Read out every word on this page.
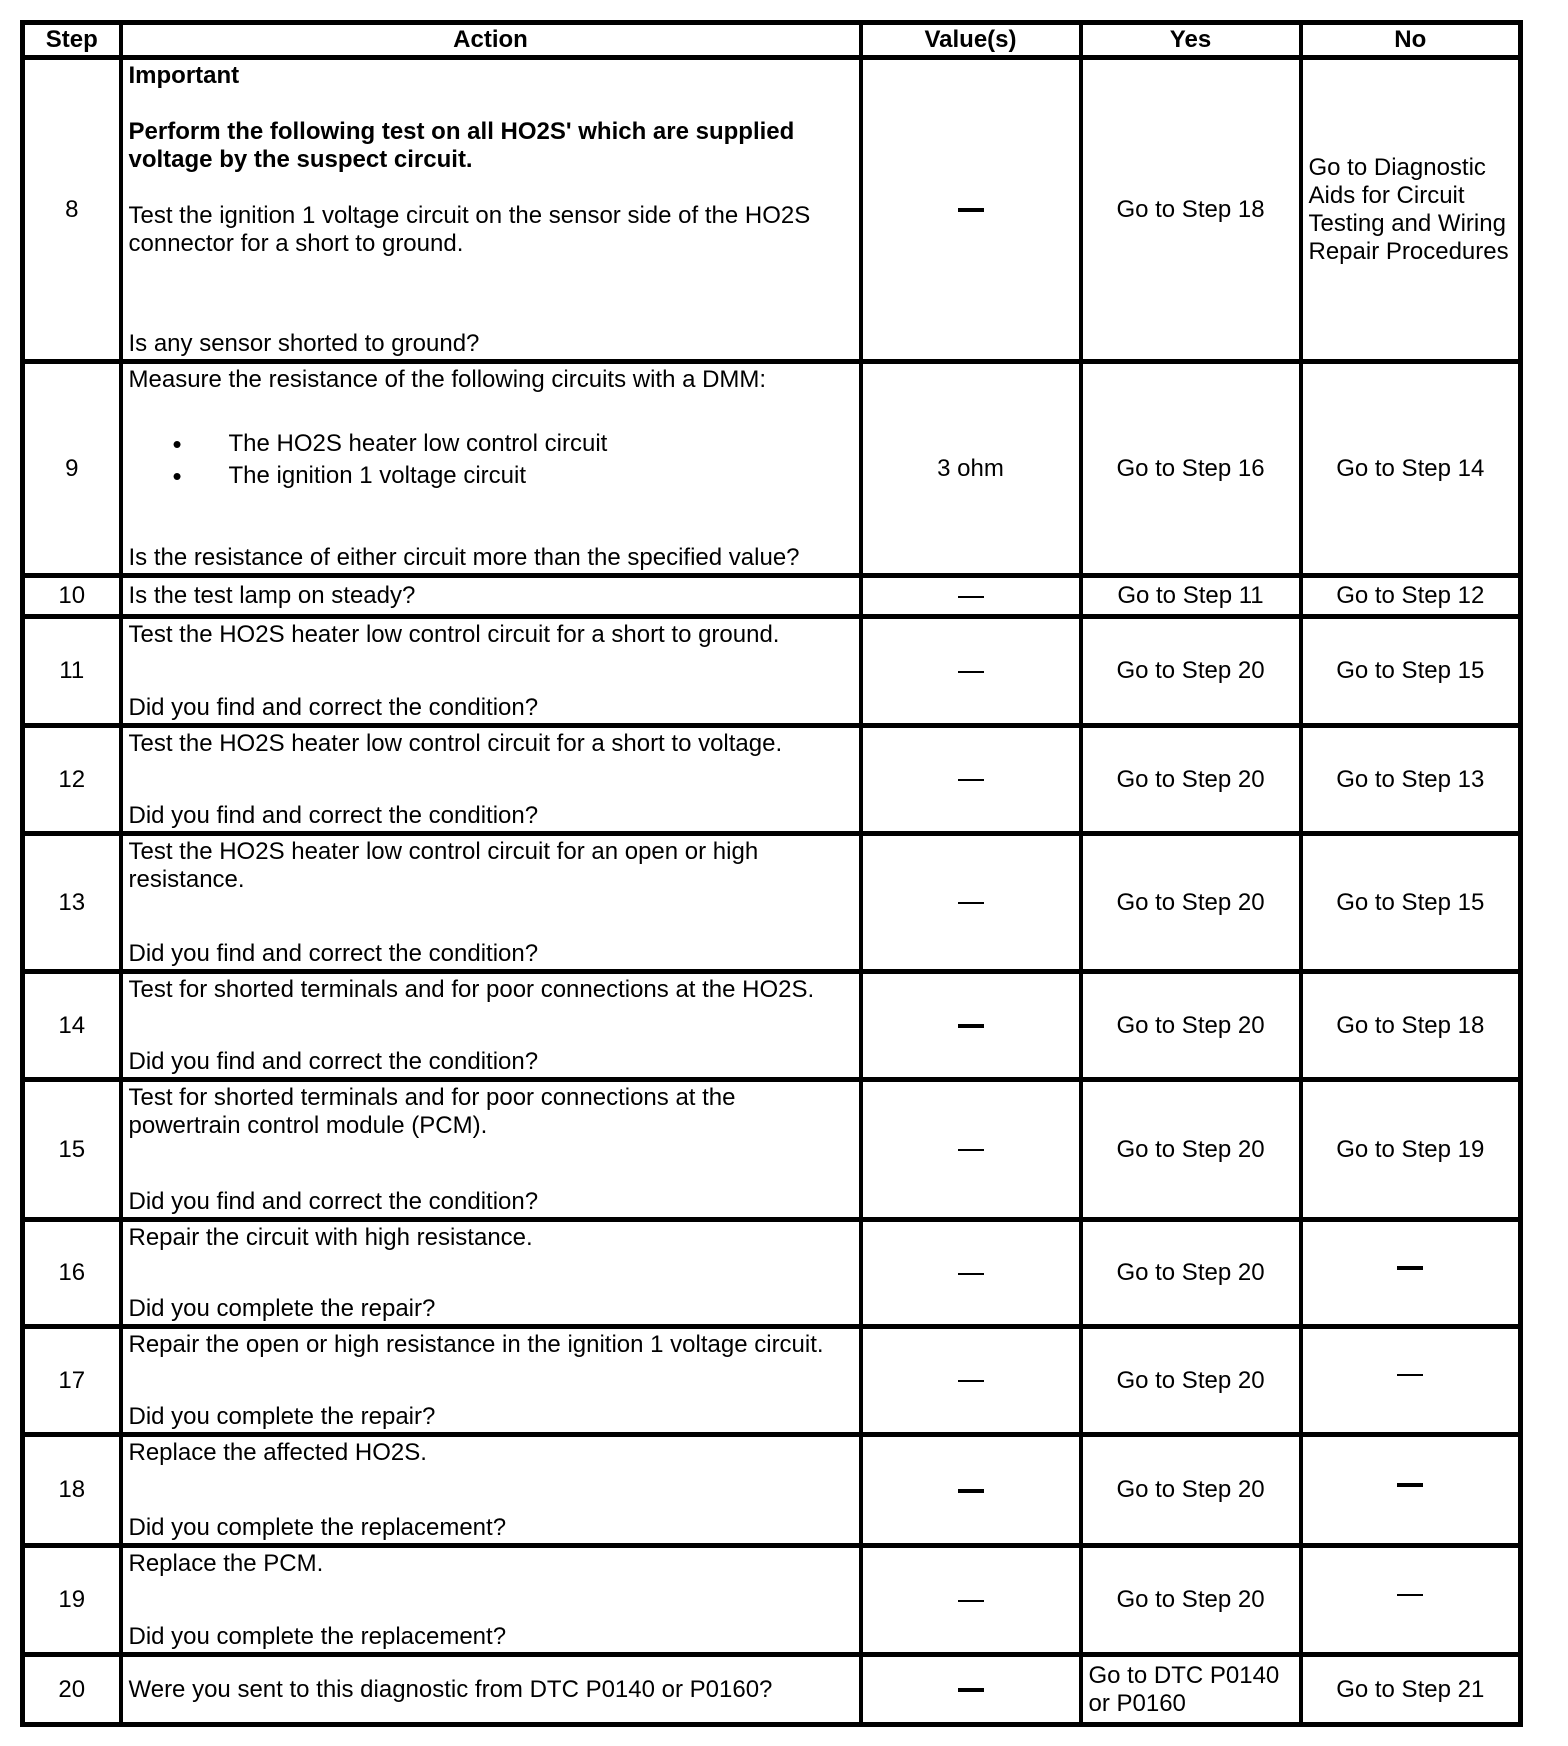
Step	Action	Value(s)	Yes	No
8	Important

Perform the following test on all HO2S' which are supplied voltage by the suspect circuit.

Test the ignition 1 voltage circuit on the sensor side of the HO2S connector for a short to ground.

Is any sensor shorted to ground?		Go to Step 18	Go to Diagnostic Aids for Circuit Testing and Wiring Repair Procedures
9	

Measure the resistance of the following circuits with a DMM:

• The HO2S heater low control circuit
• The ignition 1 voltage circuit

Is the resistance of either circuit more than the specified value?

	3 ohm	Go to Step 16	Go to Step 14
10	Is the test lamp on steady?		Go to Step 11	Go to Step 12
11	Test the HO2S heater low control circuit for a short to ground.

Did you find and correct the condition?		Go to Step 20	Go to Step 15
12	Test the HO2S heater low control circuit for a short to voltage.

Did you find and correct the condition?		Go to Step 20	Go to Step 13
13	Test the HO2S heater low control circuit for an open or high resistance.

Did you find and correct the condition?		Go to Step 20	Go to Step 15
14	Test for shorted terminals and for poor connections at the HO2S.

Did you find and correct the condition?		Go to Step 20	Go to Step 18
15	Test for shorted terminals and for poor connections at the powertrain control module (PCM).

Did you find and correct the condition?		Go to Step 20	Go to Step 19
16	Repair the circuit with high resistance.

Did you complete the repair?		Go to Step 20	
17	Repair the open or high resistance in the ignition 1 voltage circuit.

Did you complete the repair?		Go to Step 20	
18	Replace the affected HO2S.

Did you complete the replacement?		Go to Step 20	
19	Replace the PCM.

Did you complete the replacement?		Go to Step 20	
20	Were you sent to this diagnostic from DTC P0140 or P0160?		Go to DTC P0140 or P0160	Go to Step 21
